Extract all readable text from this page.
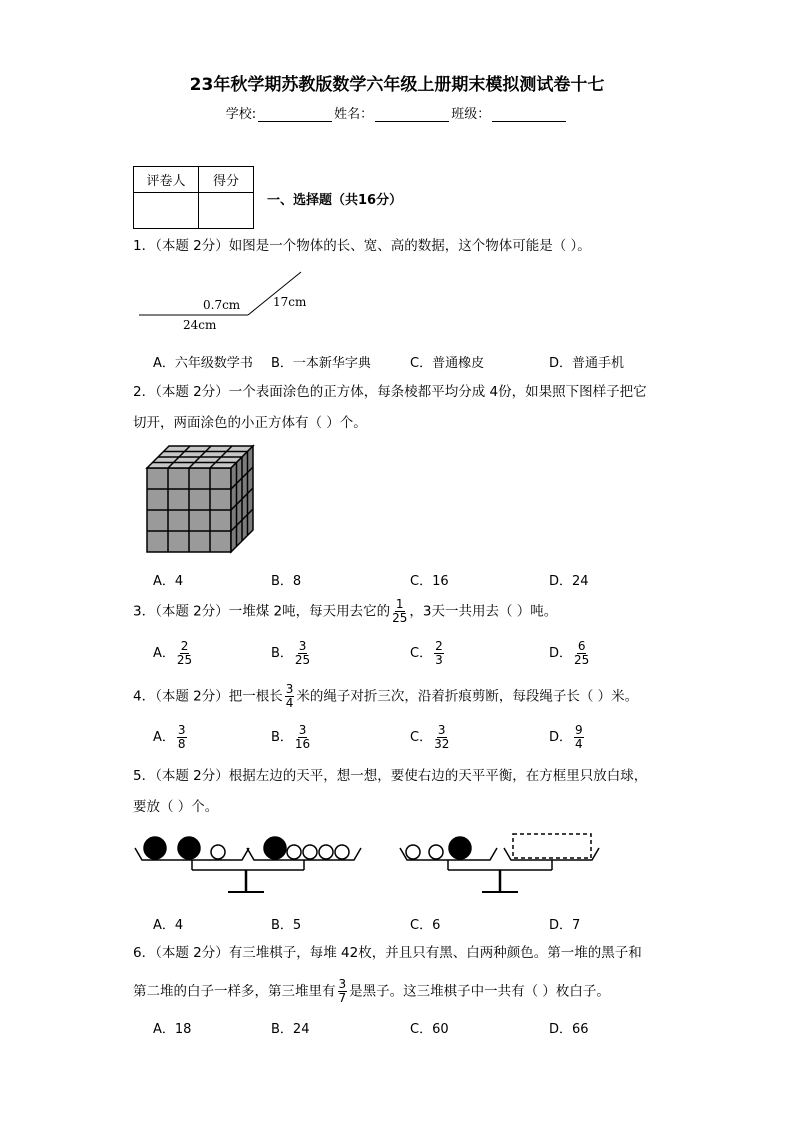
23年秋学期苏教版数学六年级上册期末模拟测试卷十七
学校:	姓名：	班级：
评卷人	得分

一、选择题（共16分）
1．（本题 2分）如图是一个物体的长、宽、高的数据，这个物体可能是（ ）。
0.7cm	17cm
24cm
A．六年级数学书 B．一本新华字典	C．普通橡皮	D．普通手机
2．（本题 2分）一个表面涂色的正方体，每条棱都平均分成 4份，如果照下图样子把它
切开，两面涂色的小正方体有（ ）个。
A．4	B．8	C．16	D．24
3．（本题 2分）一堆煤 2吨，每天用去它的 $\frac{1}{25}$ ，3天一共用去（ ）吨。
A． $\frac{2}{25}$	B． $\frac{3}{25}$	C． $\frac{2}{3}$	D． $\frac{6}{25}$
4．（本题 2分）把一根长 $\frac{3}{4}$ 米的绳子对折三次，沿着折痕剪断，每段绳子长（ ）米。
A． $\frac{3}{8}$	B． $\frac{3}{16}$	C． $\frac{3}{32}$	D． $\frac{9}{4}$
5．（本题 2分）根据左边的天平，想一想，要使右边的天平平衡，在方框里只放白球，
要放（ ）个。
A．4	B．5	C．6	D．7
6．（本题 2分）有三堆棋子，每堆 42枚，并且只有黑、白两种颜色。第一堆的黑子和
第二堆的白子一样多，第三堆里有 $\frac{3}{7}$ 是黑子。这三堆棋子中一共有（ ）枚白子。
A．18	B．24	C．60	D．66
